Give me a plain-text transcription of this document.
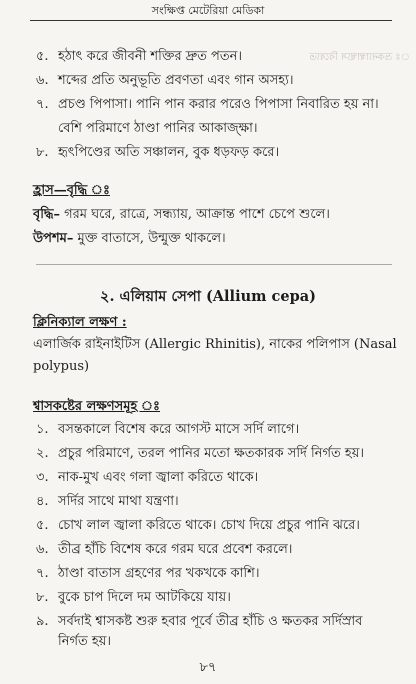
সংক্ষিপ্ত মেটেরিয়া মেডিকা
ঃ ভ্রকন্যাস্বাস্থ্যস বিষ্যেত
৫. হঠাৎ করে জীবনী শক্তির দ্রুত পতন।
৬. শব্দের প্রতি অনুভূতি প্রবণতা এবং গান অসহ্য।
৭. প্রচণ্ড পিপাসা। পানি পান করার পরেও পিপাসা নিবারিত হয় না।
বেশি পরিমাণে ঠাণ্ডা পানির আকাজ্ক্ষা।
৮. হৃৎপিণ্ডের অতি সঞ্চালন, বুক ধড়ফড় করে।
হ্রাস—বৃদ্ধি ঃ
বৃদ্ধি– গরম ঘরে, রাত্রে, সন্ধ্যায়, আক্রান্ত পাশে চেপে শুলে।
উপশম– মুক্ত বাতাসে, উন্মুক্ত থাকলে।
২. এলিয়াম সেপা (Allium cepa)
ক্লিনিক্যাল লক্ষণ :
এলার্জিক রাইনাইটিস (Allergic Rhinitis), নাকের পলিপাস (Nasal
polypus)
শ্বাসকষ্টের লক্ষণসমূহ ঃ
১. বসন্তকালে বিশেষ করে আগস্ট মাসে সর্দি লাগে।
২. প্রচুর পরিমাণে, তরল পানির মতো ক্ষতকারক সর্দি নির্গত হয়।
৩. নাক-মুখ এবং গলা জ্বালা করিতে থাকে।
৪. সর্দির সাথে মাথা যন্ত্রণা।
৫. চোখ লাল জ্বালা করিতে থাকে। চোখ দিয়ে প্রচুর পানি ঝরে।
৬. তীব্র হাঁচি বিশেষ করে গরম ঘরে প্রবেশ করলে।
৭. ঠাণ্ডা বাতাস গ্রহণের পর খকখকে কাশি।
৮. বুকে চাপ দিলে দম আটকিয়ে যায়।
৯. সর্বদাই শ্বাসকষ্ট শুরু হবার পূর্বে তীব্র হাঁচি ও ক্ষতকর সর্দিস্রাব
নির্গত হয়।
৮৭
